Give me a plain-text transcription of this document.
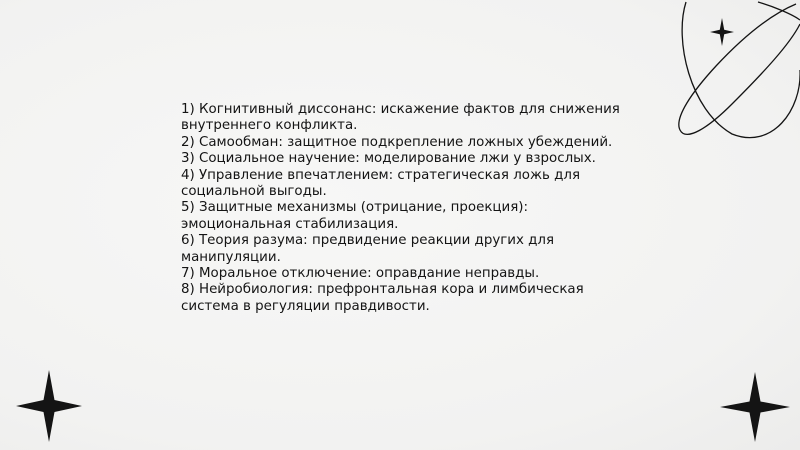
1) Когнитивный диссонанс: искажение фактов для снижения
внутреннего конфликта.
2) Самообман: защитное подкрепление ложных убеждений.
3) Социальное научение: моделирование лжи у взрослых.
4) Управление впечатлением: стратегическая ложь для
социальной выгоды.
5) Защитные механизмы (отрицание, проекция):
эмоциональная стабилизация.
6) Теория разума: предвидение реакции других для
манипуляции.
7) Моральное отключение: оправдание неправды.
8) Нейробиология: префронтальная кора и лимбическая
система в регуляции правдивости.
